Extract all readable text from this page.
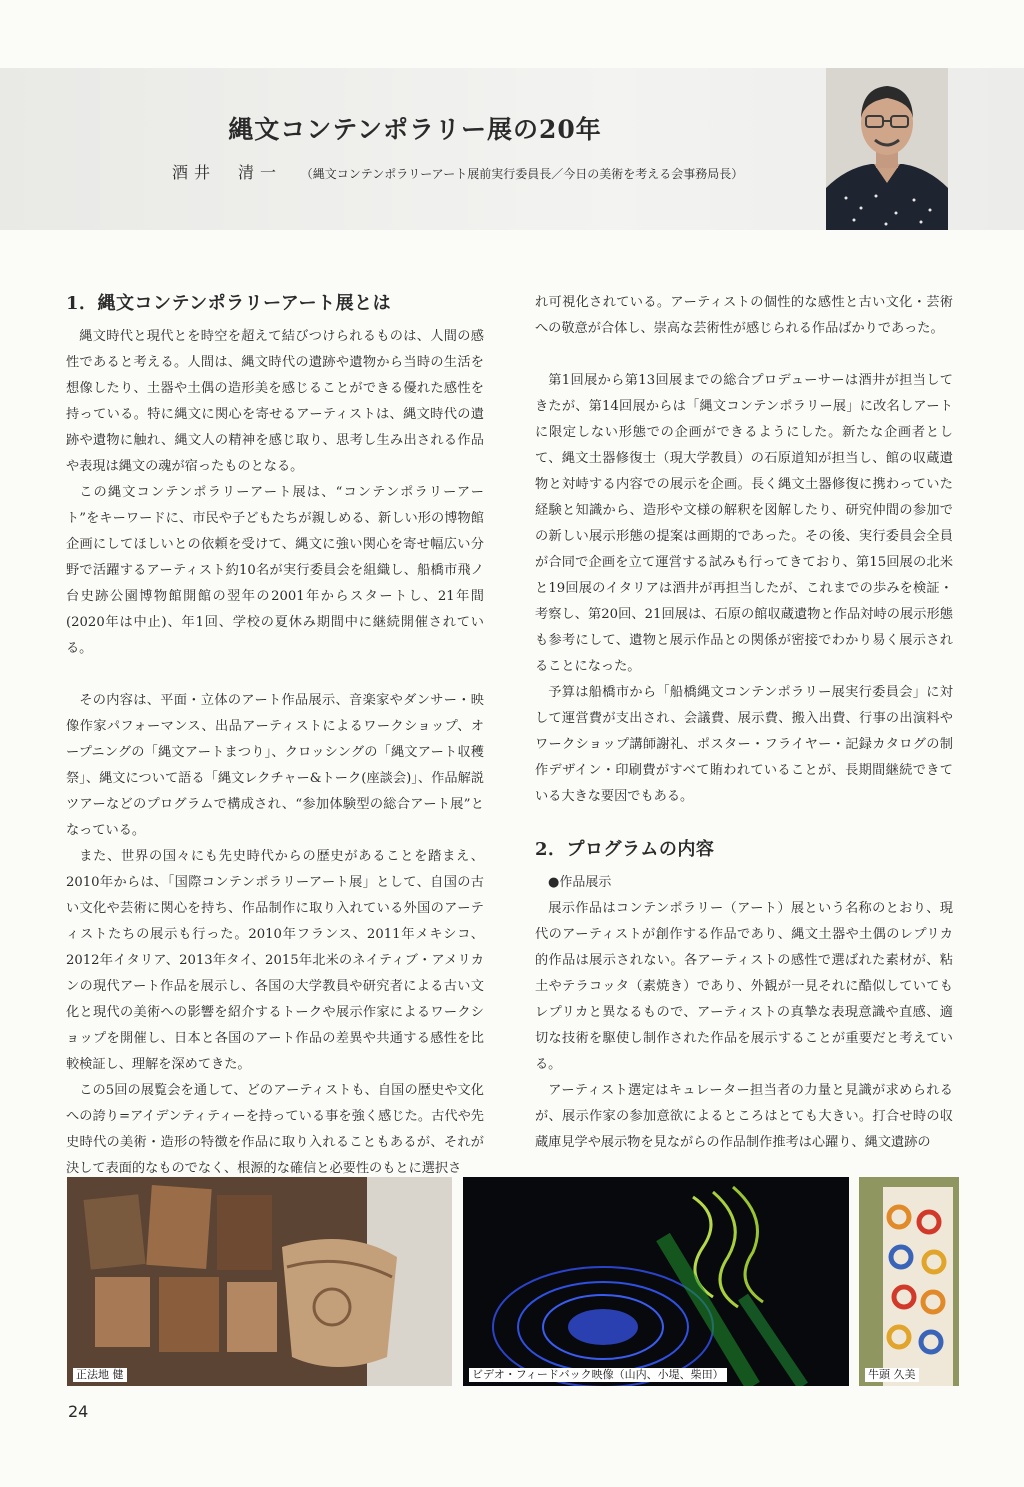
縄文コンテンポラリー展の20年
酒井　清一 （縄文コンテンポラリーアート展前実行委員長／今日の美術を考える会事務局長）
1．縄文コンテンポラリーアート展とは

縄文時代と現代とを時空を超えて結びつけられるものは、人間の感性であると考える。人間は、縄文時代の遺跡や遺物から当時の生活を想像したり、土器や土偶の造形美を感じることができる優れた感性を持っている。特に縄文に関心を寄せるアーティストは、縄文時代の遺跡や遺物に触れ、縄文人の精神を感じ取り、思考し生み出される作品や表現は縄文の魂が宿ったものとなる。

この縄文コンテンポラリーアート展は、“コンテンポラリーアート”をキーワードに、市民や子どもたちが親しめる、新しい形の博物館企画にしてほしいとの依頼を受けて、縄文に強い関心を寄せ幅広い分野で活躍するアーティスト約10名が実行委員会を組織し、船橋市飛ノ台史跡公園博物館開館の翌年の2001年からスタートし、21年間(2020年は中止)、年1回、学校の夏休み期間中に継続開催されている。

その内容は、平面・立体のアート作品展示、音楽家やダンサー・映像作家パフォーマンス、出品アーティストによるワークショップ、オープニングの「縄文アートまつり」、クロッシングの「縄文アート収穫祭」、縄文について語る「縄文レクチャー&トーク(座談会)」、作品解説ツアーなどのプログラムで構成され、“参加体験型の総合アート展”となっている。

また、世界の国々にも先史時代からの歴史があることを踏まえ、2010年からは、「国際コンテンポラリーアート展」として、自国の古い文化や芸術に関心を持ち、作品制作に取り入れている外国のアーティストたちの展示も行った。2010年フランス、2011年メキシコ、2012年イタリア、2013年タイ、2015年北米のネイティブ・アメリカンの現代アート作品を展示し、各国の大学教員や研究者による古い文化と現代の美術への影響を紹介するトークや展示作家によるワークショップを開催し、日本と各国のアート作品の差異や共通する感性を比較検証し、理解を深めてきた。

この5回の展覧会を通して、どのアーティストも、自国の歴史や文化への誇り=アイデンティティーを持っている事を強く感じた。古代や先史時代の美術・造形の特徴を作品に取り入れることもあるが、それが決して表面的なものでなく、根源的な確信と必要性のもとに選択さ

れ可視化されている。アーティストの個性的な感性と古い文化・芸術への敬意が合体し、崇高な芸術性が感じられる作品ばかりであった。

第1回展から第13回展までの総合プロデューサーは酒井が担当してきたが、第14回展からは「縄文コンテンポラリー展」に改名しアートに限定しない形態での企画ができるようにした。新たな企画者として、縄文土器修復士（現大学教員）の石原道知が担当し、館の収蔵遺物と対峙する内容での展示を企画。長く縄文土器修復に携わっていた経験と知識から、造形や文様の解釈を図解したり、研究仲間の参加での新しい展示形態の提案は画期的であった。その後、実行委員会全員が合同で企画を立て運営する試みも行ってきており、第15回展の北米と19回展のイタリアは酒井が再担当したが、これまでの歩みを検証・考察し、第20回、21回展は、石原の館収蔵遺物と作品対峙の展示形態も参考にして、遺物と展示作品との関係が密接でわかり易く展示されることになった。

予算は船橋市から「船橋縄文コンテンポラリー展実行委員会」に対して運営費が支出され、会議費、展示費、搬入出費、行事の出演料やワークショップ講師謝礼、ポスター・フライヤー・記録カタログの制作デザイン・印刷費がすべて賄われていることが、長期間継続できている大きな要因でもある。

2．プログラムの内容

●作品展示

展示作品はコンテンポラリー（アート）展という名称のとおり、現代のアーティストが創作する作品であり、縄文土器や土偶のレプリカ的作品は展示されない。各アーティストの感性で選ばれた素材が、粘土やテラコッタ（素焼き）であり、外観が一見それに酷似していてもレプリカと異なるもので、アーティストの真摯な表現意識や直感、適切な技術を駆使し制作された作品を展示することが重要だと考えている。

アーティスト選定はキュレーター担当者の力量と見識が求められるが、展示作家の参加意欲によるところはとても大きい。打合せ時の収蔵庫見学や展示物を見ながらの作品制作推考は心躍り、縄文遺跡の

正法地 健	ビデオ・フィードバック映像（山内、小堤、柴田）	牛頭 久美
24
